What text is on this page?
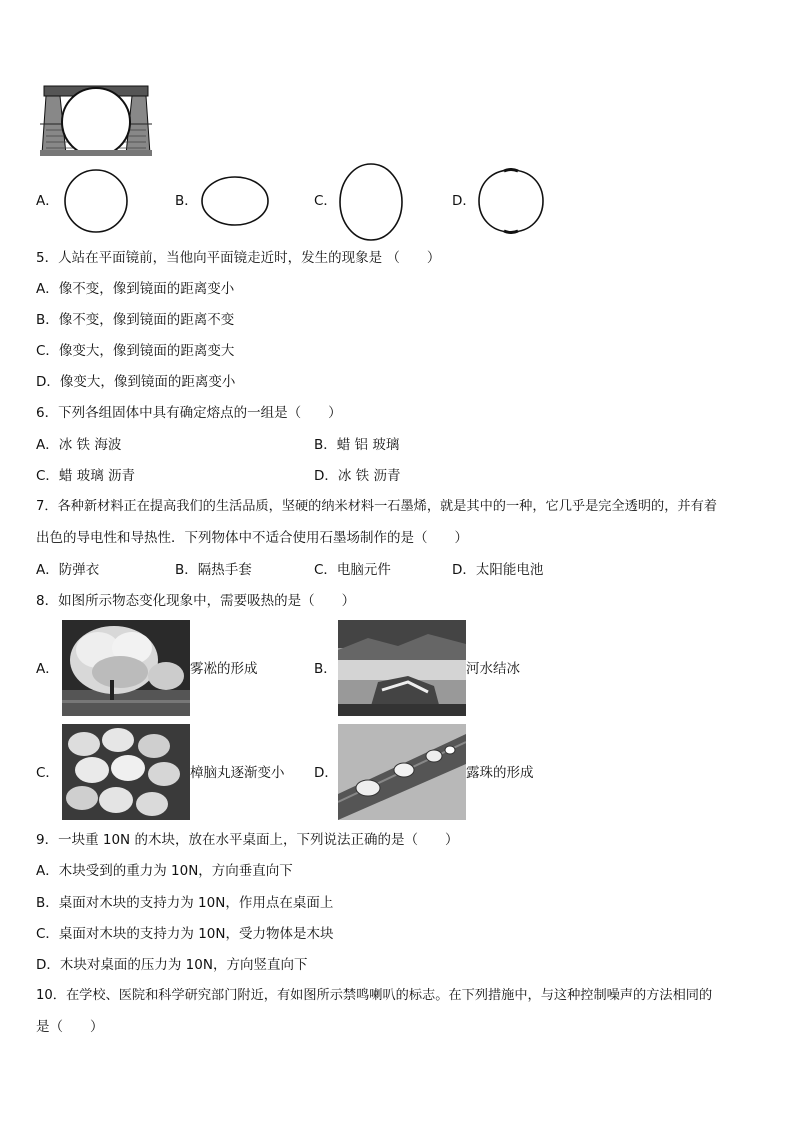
A．	B．	C．	D．
5．人站在平面镜前，当他向平面镜走近时，发生的现象是 （　　）
A．像不变，像到镜面的距离变小
B．像不变，像到镜面的距离不变
C．像变大，像到镜面的距离变大
D．像变大，像到镜面的距离变小
6．下列各组固体中具有确定熔点的一组是（　　）
A．冰 铁 海波	B．蜡 铝 玻璃
C．蜡 玻璃 沥青	D．冰 铁 沥青
7．各种新材料正在提高我们的生活品质，坚硬的纳米材料一石墨烯，就是其中的一种，它几乎是完全透明的，并有着
出色的导电性和导热性．下列物体中不适合使用石墨场制作的是（　　）
A．防弹衣	B．隔热手套	C．电脑元件	D．太阳能电池
8．如图所示物态变化现象中，需要吸热的是（　　）
A．	雾凇的形成	B．	河水结冰
C．	樟脑丸逐渐变小 D．	露珠的形成
9．一块重 10N 的木块，放在水平桌面上，下列说法正确的是（　　）
A．木块受到的重力为 10N，方向垂直向下
B．桌面对木块的支持力为 10N，作用点在桌面上
C．桌面对木块的支持力为 10N，受力物体是木块
D．木块对桌面的压力为 10N，方向竖直向下
10．在学校、医院和科学研究部门附近，有如图所示禁鸣喇叭的标志。在下列措施中，与这种控制噪声的方法相同的
是（　　）
